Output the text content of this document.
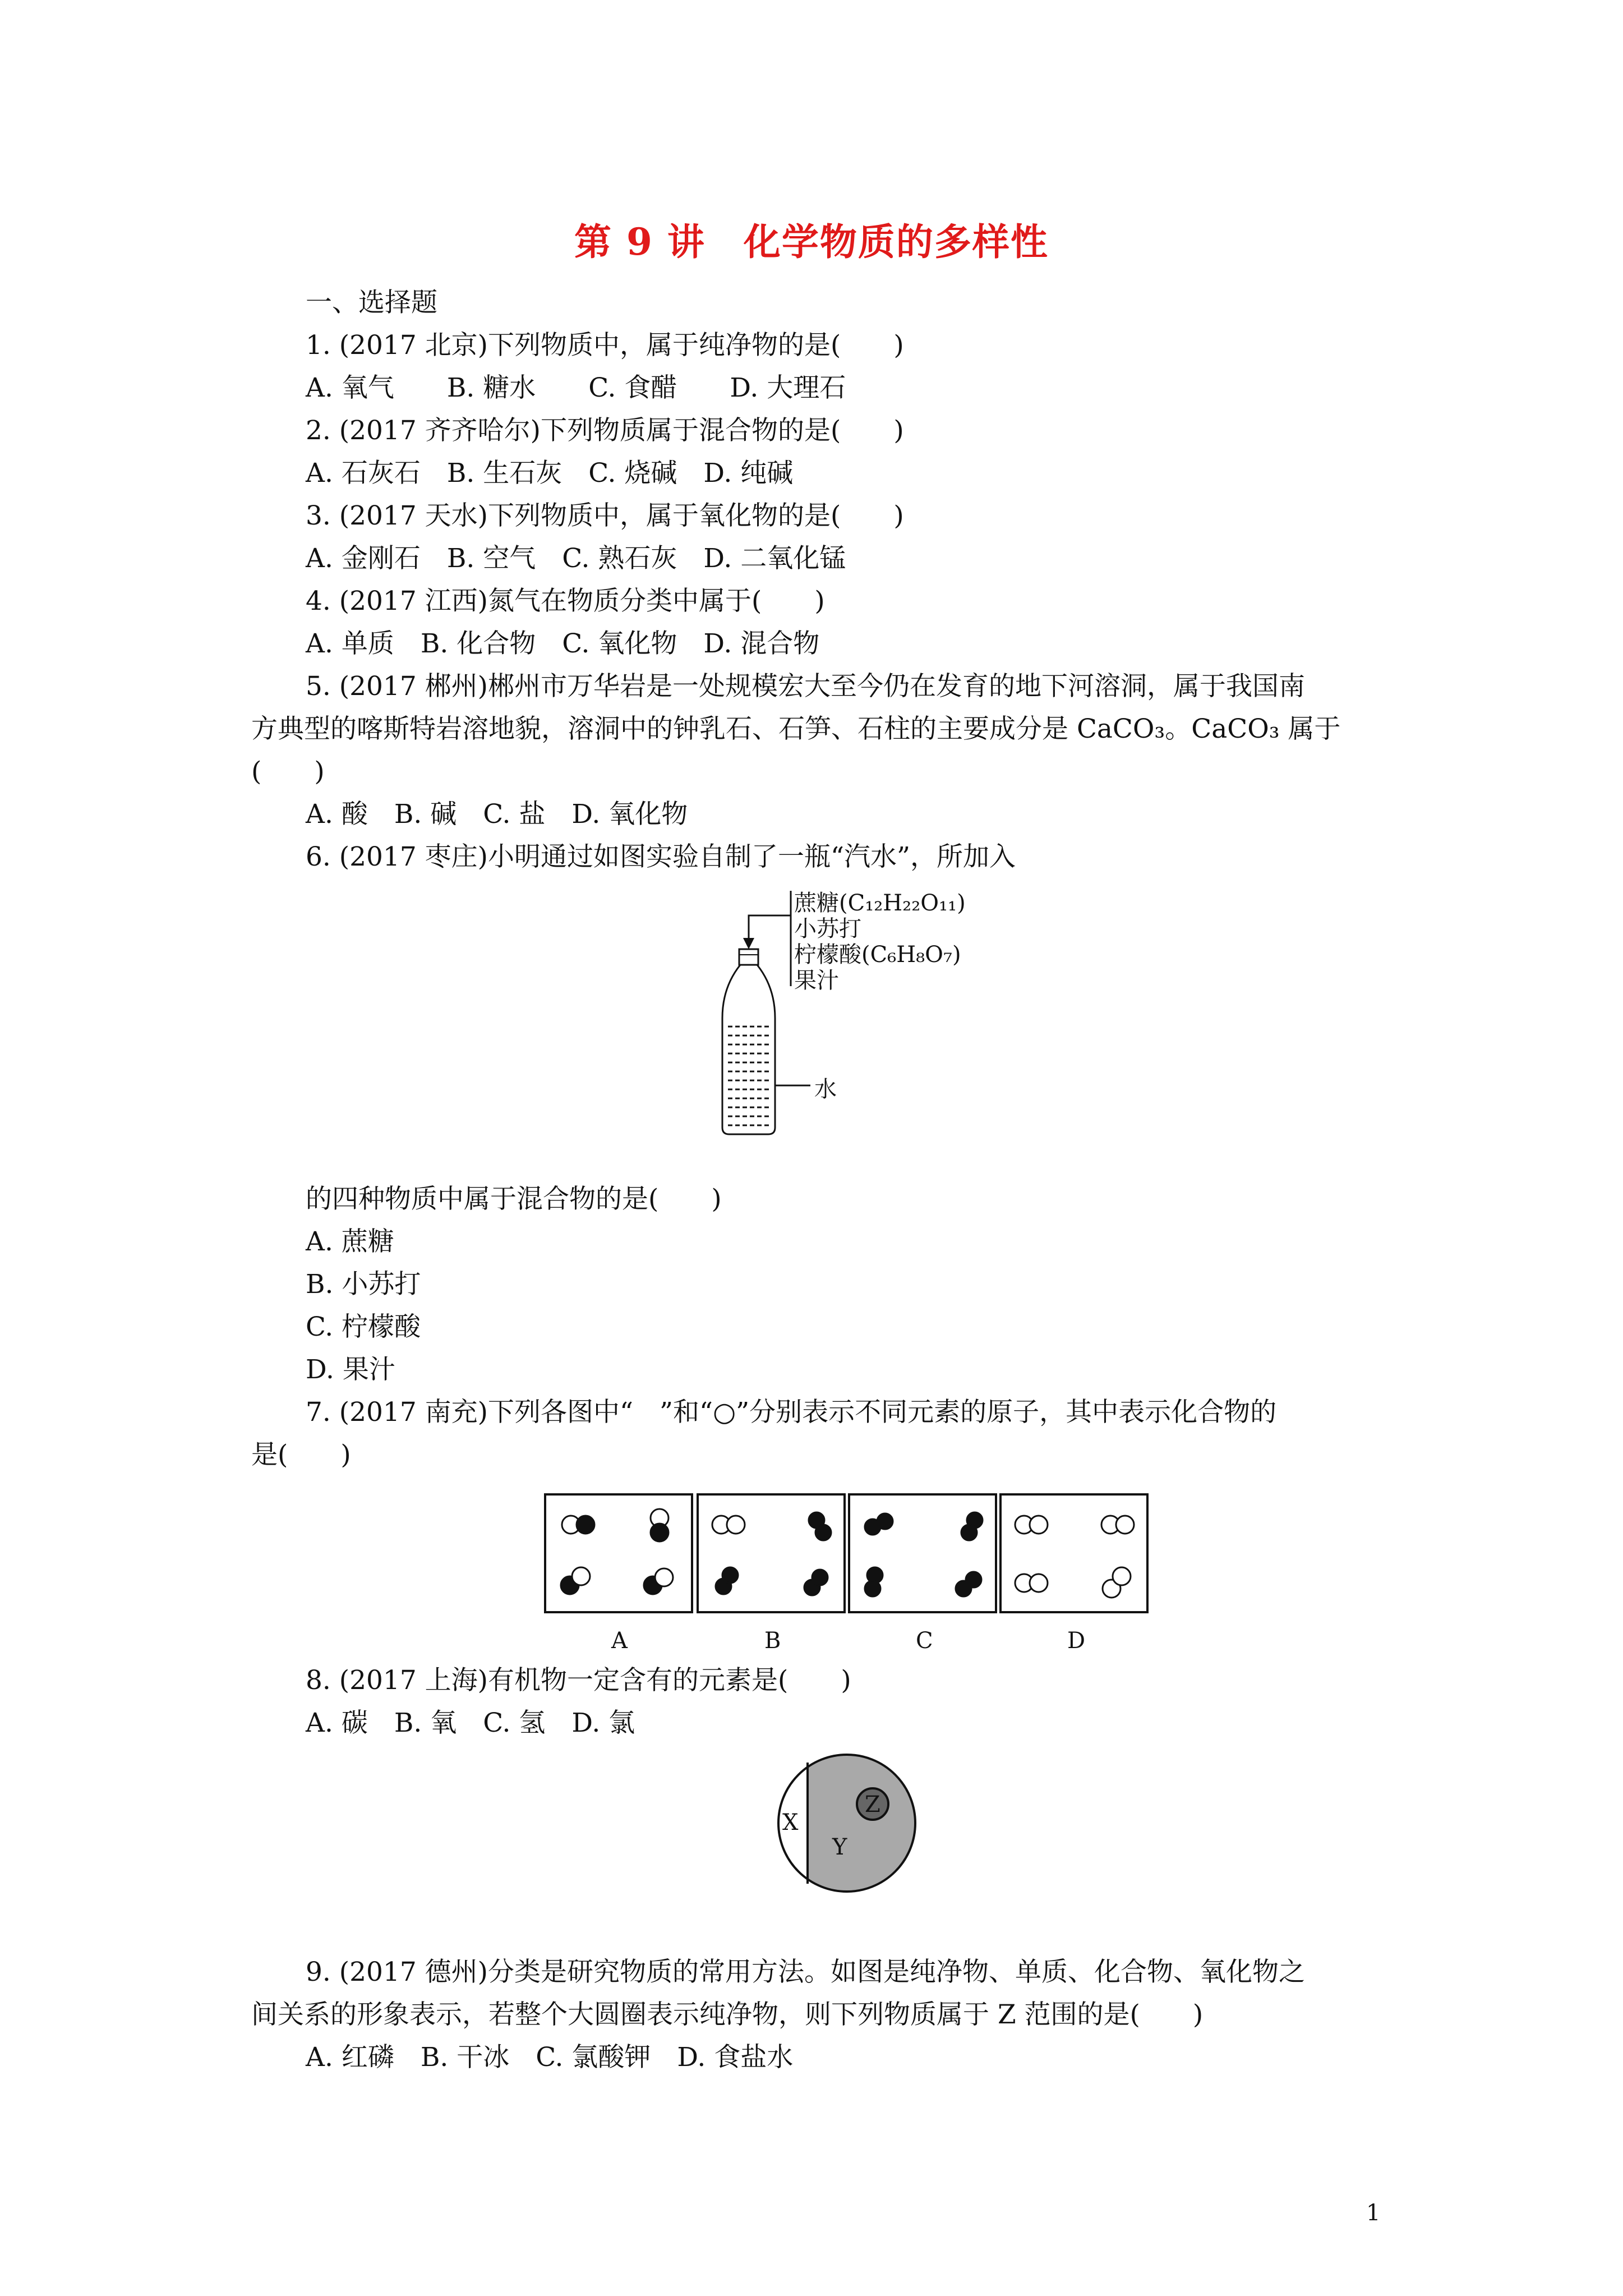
第 9 讲　化学物质的多样性
一、选择题
1. (2017 北京)下列物质中，属于纯净物的是(　　)
A. 氧气　　B. 糖水　　C. 食醋　　D. 大理石
2. (2017 齐齐哈尔)下列物质属于混合物的是(　　)
A. 石灰石　B. 生石灰　C. 烧碱　D. 纯碱
3. (2017 天水)下列物质中，属于氧化物的是(　　)
A. 金刚石　B. 空气　C. 熟石灰　D. 二氧化锰
4. (2017 江西)氮气在物质分类中属于(　　)
A. 单质　B. 化合物　C. 氧化物　D. 混合物
5. (2017 郴州)郴州市万华岩是一处规模宏大至今仍在发育的地下河溶洞，属于我国南
方典型的喀斯特岩溶地貌，溶洞中的钟乳石、石笋、石柱的主要成分是 CaCO₃。CaCO₃ 属于
(　　)
A. 酸　B. 碱　C. 盐　D. 氧化物
6. (2017 枣庄)小明通过如图实验自制了一瓶“汽水”，所加入
蔗糖(C₁₂H₂₂O₁₁)
小苏打
柠檬酸(C₆H₈O₇)
果汁
水
的四种物质中属于混合物的是(　　)
A. 蔗糖
B. 小苏打
C. 柠檬酸
D. 果汁
7. (2017 南充)下列各图中“　”和“○”分别表示不同元素的原子，其中表示化合物的
是(　　)
A	B	C	D
8. (2017 上海)有机物一定含有的元素是(　　)
A. 碳　B. 氧　C. 氢　D. 氯
X
Y
Z
9. (2017 德州)分类是研究物质的常用方法。如图是纯净物、单质、化合物、氧化物之
间关系的形象表示，若整个大圆圈表示纯净物，则下列物质属于 Z 范围的是(　　)
A. 红磷　B. 干冰　C. 氯酸钾　D. 食盐水
1
